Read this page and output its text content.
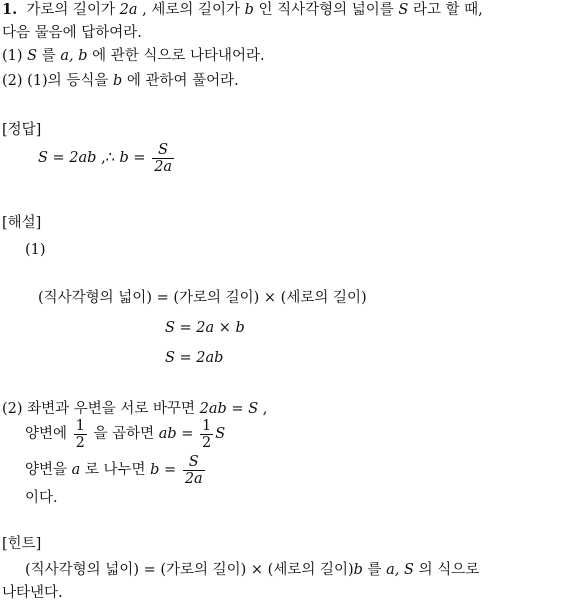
1. 가로의 길이가 2a , 세로의 길이가 b 인 직사각형의 넓이를 S 라고 할 때,
다음 물음에 답하여라.
(1) S 를 a, b 에 관한 식으로 나타내어라.
(2) (1)의 등식을 b 에 관하여 풀어라.
[정답]
S = 2ab ,∴ $b = \frac{S}{2a}$
[해설]
(1)
(직사각형의 넓이) = (가로의 길이) × (세로의 길이)
S = 2a × b
S = 2ab
(2) 좌변과 우변을 서로 바꾸면 2ab = S ,
양변에 $\frac{1}{2}$ 을 곱하면 ab = $\frac{1}{2}$ S
양변을 a 로 나누면 $b = \frac{S}{2a}$
이다.
[힌트]
(직사각형의 넓이) = (가로의 길이) × (세로의 길이)b 를 a, S 의 식으로
나타낸다.
